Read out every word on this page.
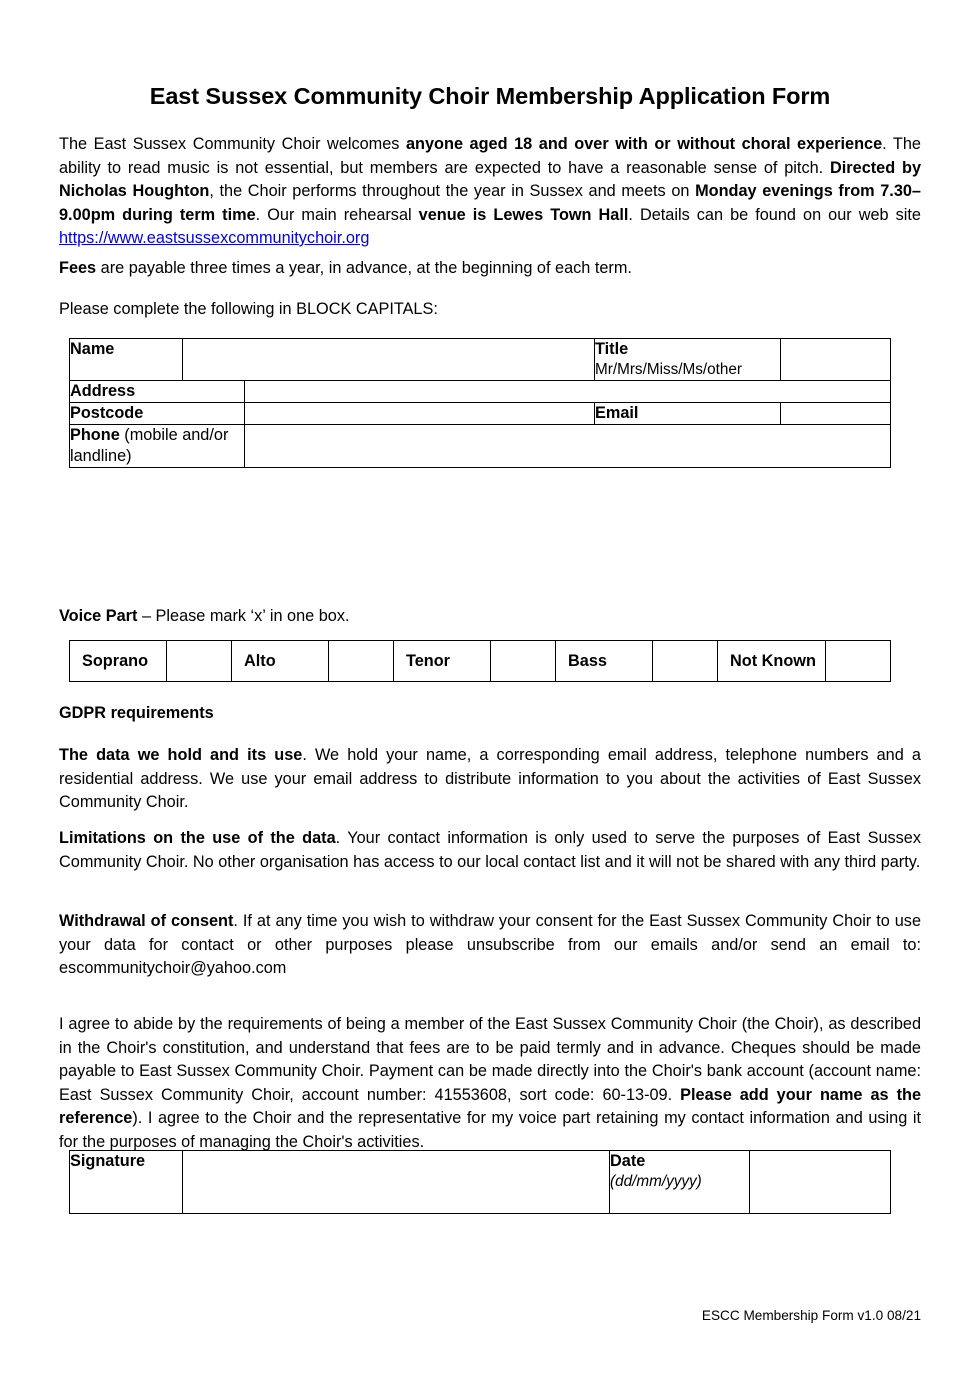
East Sussex Community Choir Membership Application Form

The East Sussex Community Choir welcomes anyone aged 18 and over with or without choral experience. The ability to read music is not essential, but members are expected to have a reasonable sense of pitch. Directed by Nicholas Houghton, the Choir performs throughout the year in Sussex and meets on Monday evenings from 7.30–9.00pm during term time. Our main rehearsal venue is Lewes Town Hall. Details can be found on our web site https://www.eastsussexcommunitychoir.org

Fees are payable three times a year, in advance, at the beginning of each term.

Please complete the following in BLOCK CAPITALS:

Voice Part – Please mark ‘x’ in one box.

GDPR requirements

The data we hold and its use. We hold your name, a corresponding email address, telephone numbers and a residential address. We use your email address to distribute information to you about the activities of East Sussex Community Choir.

Limitations on the use of the data. Your contact information is only used to serve the purposes of East Sussex Community Choir. No other organisation has access to our local contact list and it will not be shared with any third party.

Withdrawal of consent. If at any time you wish to withdraw your consent for the East Sussex Community Choir to use your data for contact or other purposes please unsubscribe from our emails and/or send an email to: escommunitychoir@yahoo.com

I agree to abide by the requirements of being a member of the East Sussex Community Choir (the Choir), as described in the Choir's constitution, and understand that fees are to be paid termly and in advance. Cheques should be made payable to East Sussex Community Choir. Payment can be made directly into the Choir's bank account (account name: East Sussex Community Choir, account number: 41553608, sort code: 60-13-09. Please add your name as the reference). I agree to the Choir and the representative for my voice part retaining my contact information and using it for the purposes of managing the Choir's activities.

ESCC Membership Form v1.0 08/21
Name			Title
Mr/Mrs/Miss/Ms/other	

Address				
Postcode			Email	
Phone (mobile and/or landline)				
Soprano		Alto		Tenor		Bass		Not Known	
Signature		Date
(dd/mm/yyyy)
